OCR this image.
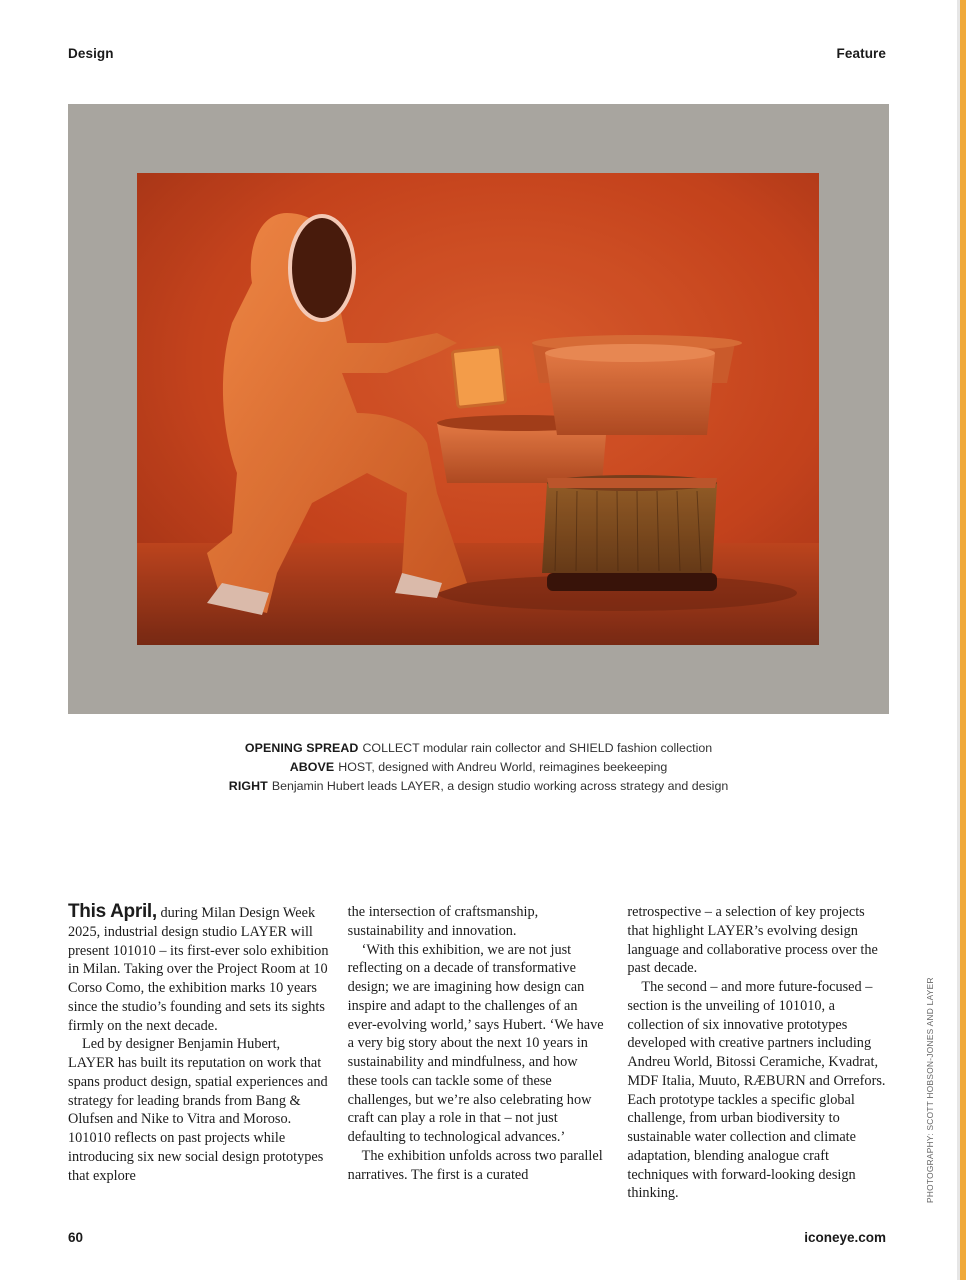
Design	Feature
OPENING SPREAD COLLECT modular rain collector and SHIELD fashion collection
ABOVE HOST, designed with Andreu World, reimagines beekeeping
RIGHT Benjamin Hubert leads LAYER, a design studio working across strategy and design

This April, during Milan Design Week 2025, industrial design studio LAYER will present 101010 – its first-ever solo exhibition in Milan. Taking over the Project Room at 10 Corso Como, the exhibition marks 10 years since the studio’s founding and sets its sights firmly on the next decade.

Led by designer Benjamin Hubert, LAYER has built its reputation on work that spans product design, spatial experiences and strategy for leading brands from Bang & Olufsen and Nike to Vitra and Moroso. 101010 reflects on past projects while introducing six new social design prototypes that explore

the intersection of craftsmanship, sustainability and innovation.

‘With this exhibition, we are not just reflecting on a decade of transformative design; we are imagining how design can inspire and adapt to the challenges of an ever-evolving world,’ says Hubert. ‘We have a very big story about the next 10 years in sustainability and mindfulness, and how these tools can tackle some of these challenges, but we’re also celebrating how craft can play a role in that – not just defaulting to technological advances.’

The exhibition unfolds across two parallel narratives. The first is a curated

retrospective – a selection of key projects that highlight LAYER’s evolving design language and collaborative process over the past decade.

The second – and more future-focused – section is the unveiling of 101010, a collection of six innovative prototypes developed with creative partners including Andreu World, Bitossi Ceramiche, Kvadrat, MDF Italia, Muuto, RÆBURN and Orrefors. Each prototype tackles a specific global challenge, from urban biodiversity to sustainable water collection and climate adaptation, blending analogue craft techniques with forward-looking design thinking.	PHOTOGRAPHY: SCOTT HOBSON-JONES AND LAYER
60	iconeye.com
